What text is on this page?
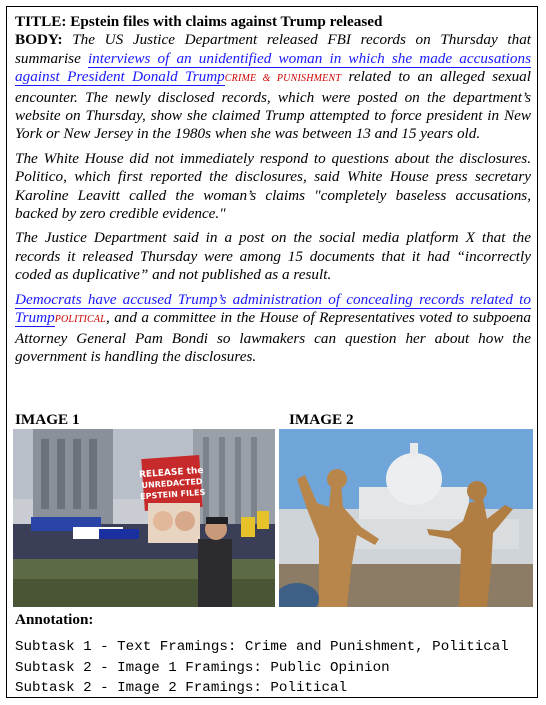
TITLE: Epstein files with claims against Trump released

BODY: The US Justice Department released FBI records on Thursday that summarise interviews of an unidentified woman in which she made accusations against President Donald TrumpCRIME & PUNISHMENT related to an alleged sexual encounter. The newly disclosed records, which were posted on the department’s website on Thursday, show she claimed Trump attempted to force president in New York or New Jersey in the 1980s when she was between 13 and 15 years old.

The White House did not immediately respond to questions about the disclosures. Politico, which first reported the disclosures, said White House press secretary Karoline Leavitt called the woman’s claims "completely baseless accusations, backed by zero credible evidence."

The Justice Department said in a post on the social media platform X that the records it released Thursday were among 15 documents that it had “incorrectly coded as duplicative” and not published as a result.

Democrats have accused Trump’s administration of concealing records related to TrumpPOLITICAL, and a committee in the House of Representatives voted to subpoena Attorney General Pam Bondi so lawmakers can question her about how the government is handling the disclosures.

IMAGE 1	IMAGE 2
RELEASE the
UNREDACTED
EPSTEIN FILES
Annotation:
Subtask 1 - Text Framings: Crime and Punishment, Political
Subtask 2 - Image 1 Framings: Public Opinion
Subtask 2 - Image 2 Framings: Political
